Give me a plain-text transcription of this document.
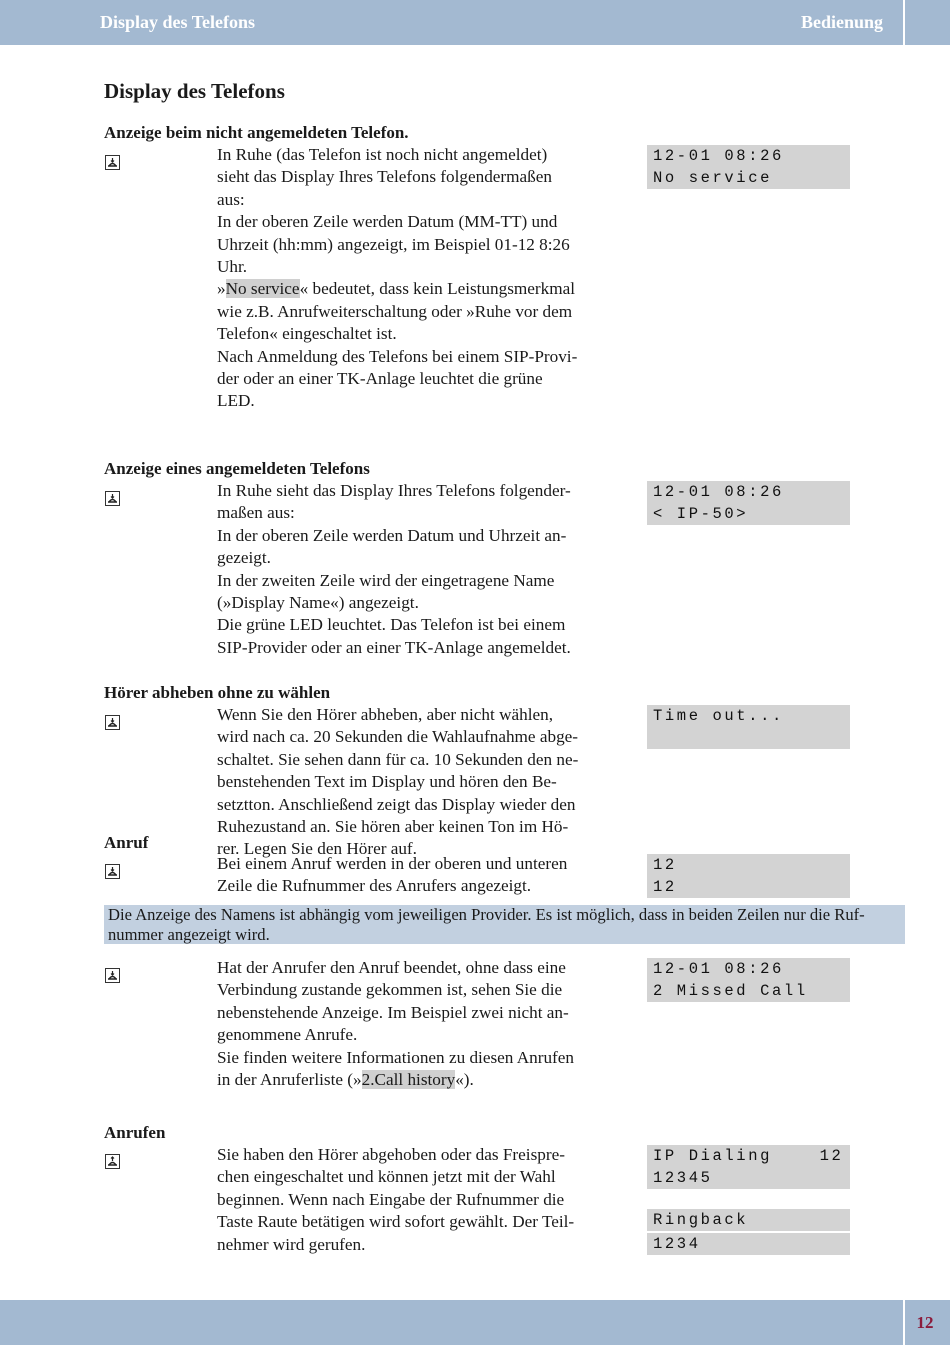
Display des Telefons	Bedienung
Display des Telefons
Anzeige beim nicht angemeldeten Telefon.
In Ruhe (das Telefon ist noch nicht angemeldet)
sieht das Display Ihres Telefons folgendermaßen
aus:
In der oberen Zeile werden Datum (MM-TT) und
Uhrzeit (hh:mm) angezeigt, im Beispiel 01-12 8:26
Uhr.
»No service« bedeutet, dass kein Leistungsmerkmal
wie z.B. Anrufweiterschaltung oder »Ruhe vor dem
Telefon« eingeschaltet ist.
Nach Anmeldung des Telefons bei einem SIP-Provi-
der oder an einer TK-Anlage leuchtet die grüne
LED.
12-01 08:26
No service
Anzeige eines angemeldeten Telefons
In Ruhe sieht das Display Ihres Telefons folgender-
maßen aus:
In der oberen Zeile werden Datum und Uhrzeit an-
gezeigt.
In der zweiten Zeile wird der eingetragene Name
(»Display Name«) angezeigt.
Die grüne LED leuchtet. Das Telefon ist bei einem
SIP-Provider oder an einer TK-Anlage angemeldet.
12-01 08:26
< IP-50>
Hörer abheben ohne zu wählen
Wenn Sie den Hörer abheben, aber nicht wählen,
wird nach ca. 20 Sekunden die Wahlaufnahme abge-
schaltet. Sie sehen dann für ca. 10 Sekunden den ne-
benstehenden Text im Display und hören den Be-
setztton. Anschließend zeigt das Display wieder den
Ruhezustand an. Sie hören aber keinen Ton im Hö-
rer. Legen Sie den Hörer auf.
Time out...
Anruf
Bei einem Anruf werden in der oberen und unteren
Zeile die Rufnummer des Anrufers angezeigt.
12
12
Die Anzeige des Namens ist abhängig vom jeweiligen Provider. Es ist möglich, dass in beiden Zeilen nur die Ruf-
nummer angezeigt wird.
Hat der Anrufer den Anruf beendet, ohne dass eine
Verbindung zustande gekommen ist, sehen Sie die
nebenstehende Anzeige. Im Beispiel zwei nicht an-
genommene Anrufe.
Sie finden weitere Informationen zu diesen Anrufen
in der Anruferliste (»2.Call history«).
12-01 08:26
2 Missed Call
Anrufen
Sie haben den Hörer abgehoben oder das Freispre-
chen eingeschaltet und können jetzt mit der Wahl
beginnen. Wenn nach Eingabe der Rufnummer die
Taste Raute betätigen wird sofort gewählt. Der Teil-
nehmer wird gerufen.
IP Dialing    12
12345
Ringback
1234
12
